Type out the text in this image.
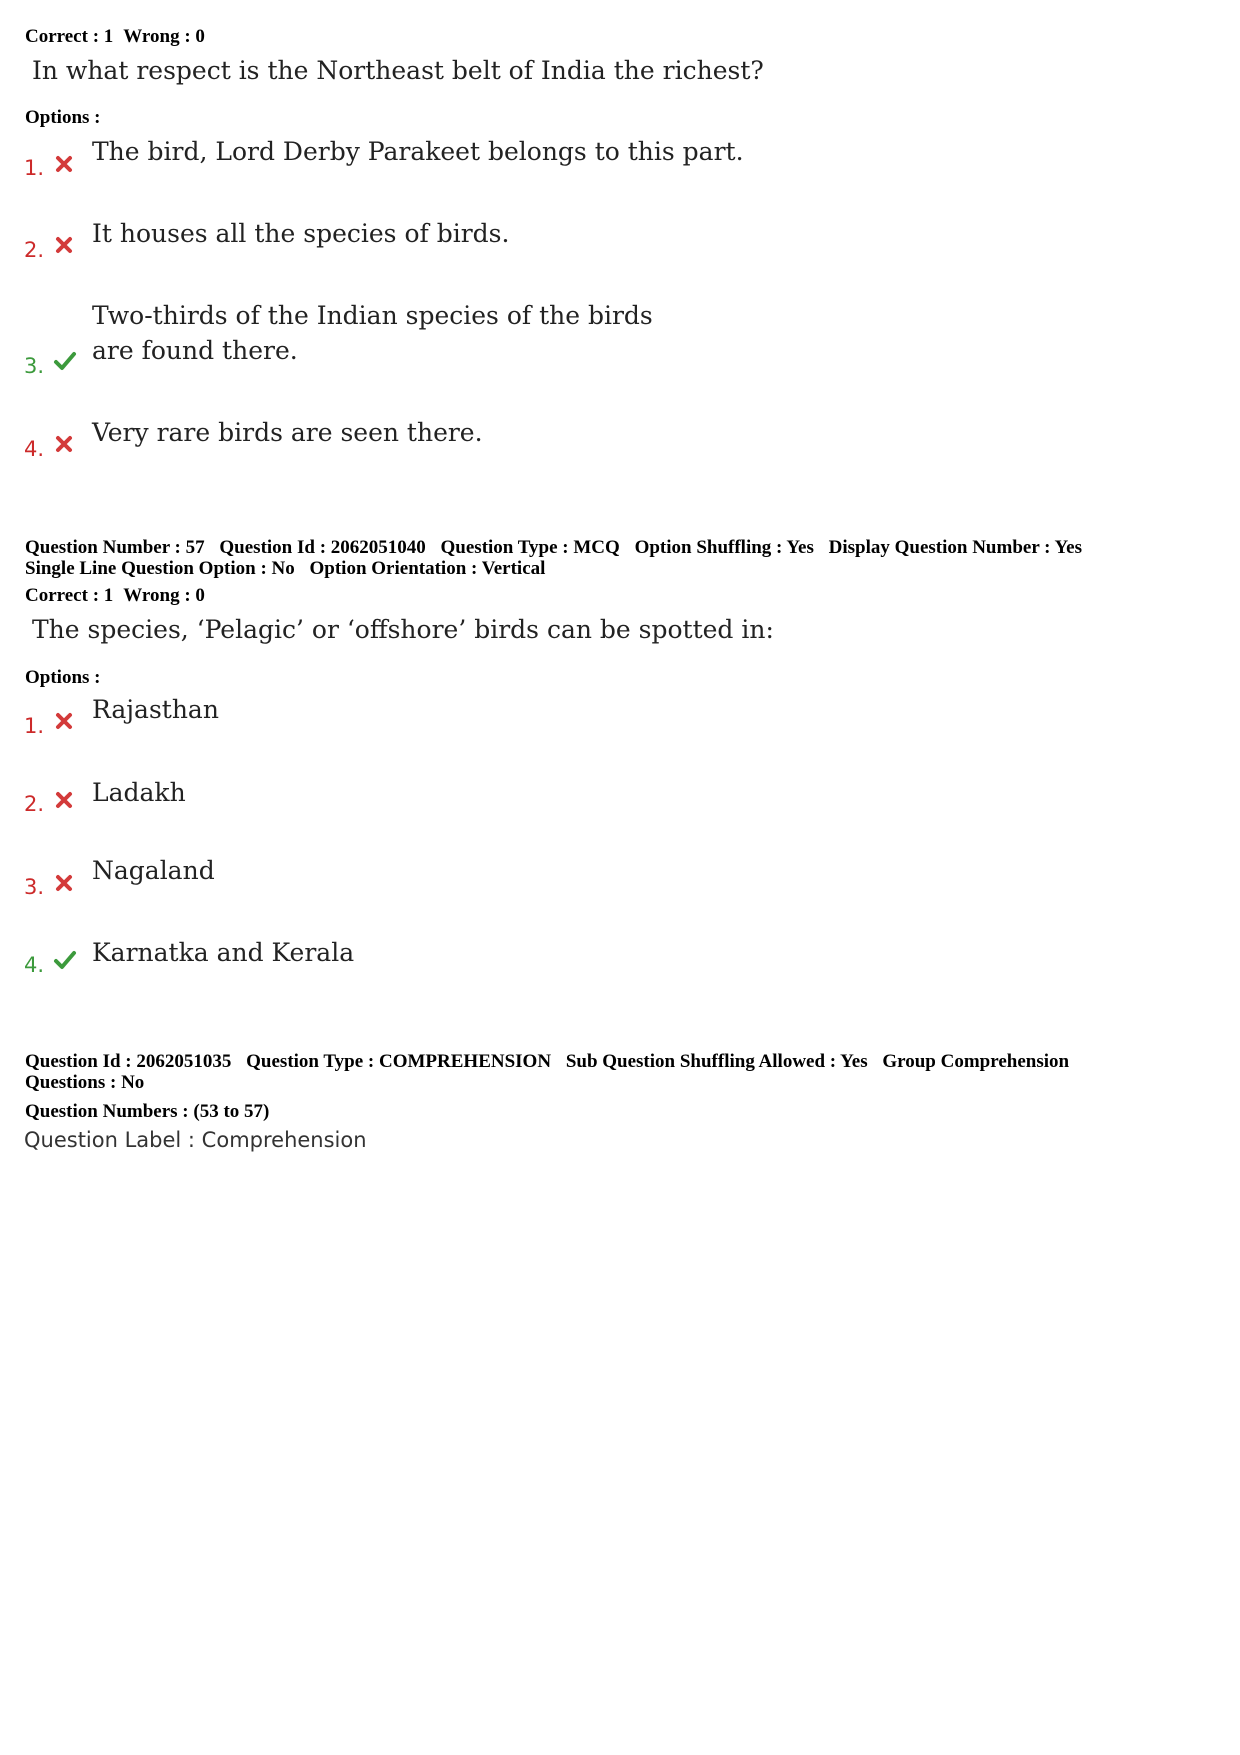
Correct : 1 Wrong : 0

In what respect is the Northeast belt of India the richest?

Options :

1.
The bird, Lord Derby Parakeet belongs to this part.
2.
It houses all the species of birds.
3.
Two-thirds of the Indian species of the birds
are found there.
4.
Very rare birds are seen there.
Question Number : 57 Question Id : 2062051040 Question Type : MCQ Option Shuffling : Yes Display Question Number : Yes
Single Line Question Option : No Option Orientation : Vertical

Correct : 1 Wrong : 0

The species, ‘Pelagic’ or ‘offshore’ birds can be spotted in:

Options :

1.
Rajasthan
2. Ladakh
3.
Nagaland
4. Karnatka and Kerala
Question Id : 2062051035 Question Type : COMPREHENSION Sub Question Shuffling Allowed : Yes Group Comprehension
Questions : No

Question Numbers : (53 to 57)

Question Label : Comprehension
